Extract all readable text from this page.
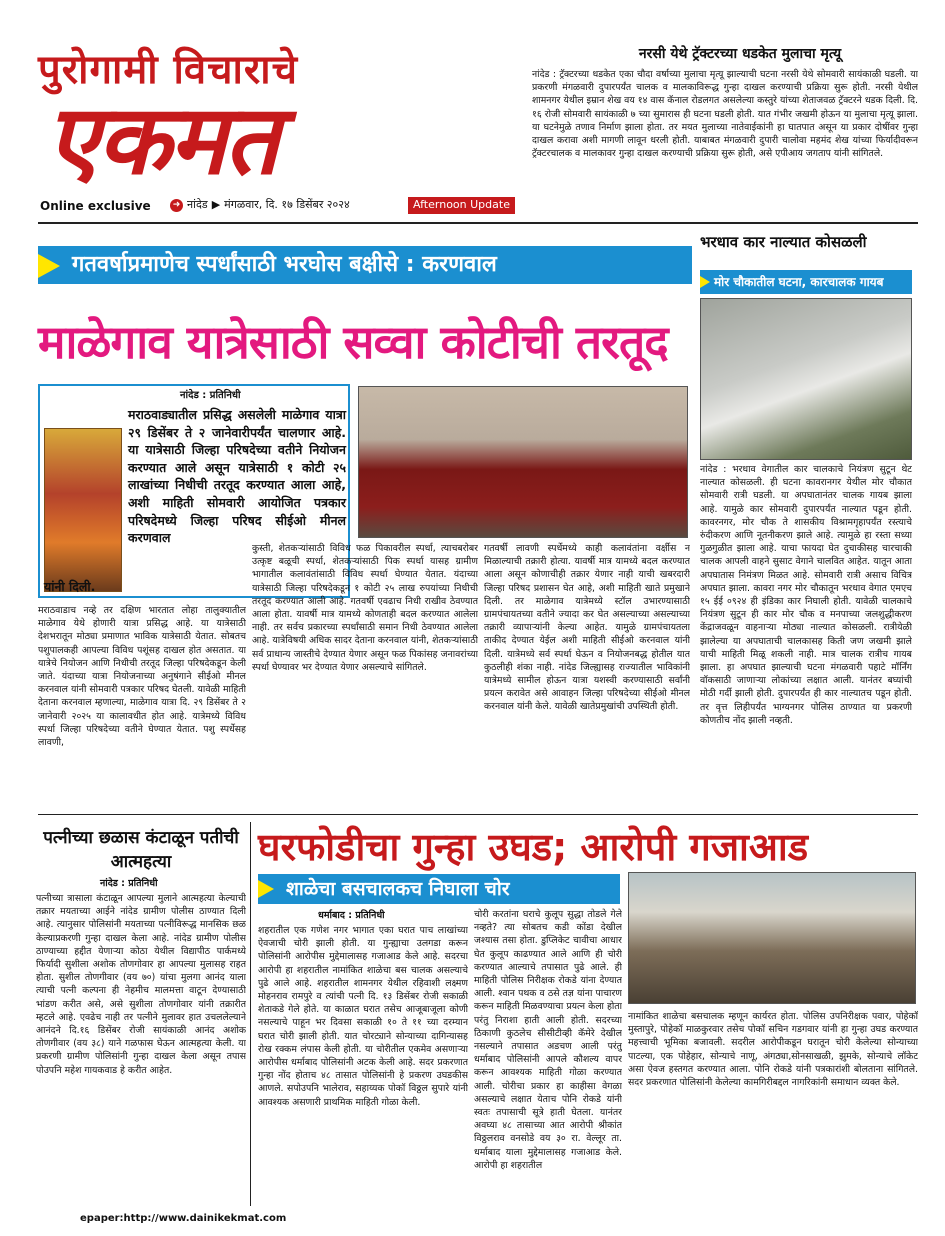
पुरोगामी विचाराचे
एकमत
Online exclusive	➜ नांदेड ▶ मंगळवार, दि. १७ डिसेंबर २०२४	Afternoon Update
नरसी येथे ट्रॅक्टरच्या धडकेत मुलाचा मृत्यू
नांदेड : ट्रॅक्टरच्या धडकेत एका चौदा वर्षाच्या मुलाचा मृत्यू झाल्याची घटना नरसी येथे सोमवारी सायंकाळी घडली. या प्रकरणी मंगळवारी दुपारपर्यंत चालक व मालकाविरूद्ध गुन्हा दाखल करण्याची प्रक्रिया सुरू होती. नरसी येथील शामनगर येथील इम्रान शेख वय १४ वास कॅनाल रोडलगत असलेल्या कस्तुरे यांच्या शेताजवळ ट्रॅक्टरने धडक दिली. दि. १६ रोजी सोमवारी सायंकाळी ७ च्या सुमारास ही घटना घडली होती. यात गंभीर जखमी होऊन या मुलाचा मृत्यू झाला. या घटनेमुळे तणाव निर्माण झाला होता. तर मयत मुलाच्या नातेवाईकांनी हा घातपात असून या प्रकार दोषींवर गुन्हा दाखल करावा अशी मागणी लावून धरली होती. याबाबत मंगळवारी दुपारी चालोवा महमंद शेख यांच्या फिर्यादीवरून ट्रॅक्टरचालक व मालकावर गुन्हा दाखल करण्याची प्रक्रिया सुरू होती, असे एपीआय जगताप यांनी सांगितले.
गतवर्षाप्रमाणेच स्पर्धांसाठी भरघोस बक्षीसे : करणवाल
माळेगाव यात्रेसाठी सव्वा कोटीची तरतूद
नांदेड : प्रतिनिधी
मराठवाड्यातील प्रसिद्ध असलेली माळेगाव यात्रा २९ डिसेंबर ते २ जानेवारीपर्यंत चालणार आहे. या यात्रेसाठी जिल्हा परिषदेच्या वतीने नियोजन करण्यात आले असून यात्रेसाठी १ कोटी २५ लाखांच्या निधीची तरतूद करण्यात आला आहे, अशी माहिती सोमवारी आयोजित पत्रकार परिषदेमध्ये जिल्हा परिषद सीईओ मीनल करणवाल
यांनी दिली.
मराठवाडाच नव्हे तर दक्षिण भारतात लोहा तालुक्यातील माळेगाव येथे होणारी यात्रा प्रसिद्ध आहे. या यात्रेसाठी देशभरातून मोठ्या प्रमाणात भाविक यात्रेसाठी येतात. सोबतच पशुपालकही आपल्या विविध पशूंसह दाखल होत असतात. या यात्रेचे नियोजन आणि निधीची तरतूद जिल्हा परिषदेकडून केली जाते. यंदाच्या यात्रा नियोजनाच्या अनुषंगाने सीईओ मीनल करनवाल यांनी सोमवारी पत्रकार परिषद घेतली. यावेळी माहिती देताना करनवाल म्हणाल्या, माळेगाव यात्रा दि. २९ डिसेंबर ते २ जानेवारी २०२५ या कालावधीत होत आहे. यात्रेमध्ये विविध स्पर्धा जिल्हा परिषदेच्या वतीने घेण्यात येतात. पशु स्पर्धेसह लावणी,
कुस्ती, शेतकऱ्यांसाठी विविध फळ पिकावरील स्पर्धा, त्याचबरोबर उत्कृष्ट बळूची स्पर्धा, शेतकऱ्यांसाठी पिक स्पर्धा यासह ग्रामीण भागातील कलावंतांसाठी विविध स्पर्धा घेण्यात येतात. यंदाच्या यात्रेसाठी जिल्हा परिषदेकडून १ कोटी २५ लाख रुपयांच्या निधीची तरतूद करण्यात आली आहे. गतवर्षी एवढाच निधी राखीव ठेवण्यात आला होता. यावर्षी मात्र यामध्ये कोणताही बदल करण्यात आलेला नाही. तर सर्वच प्रकारच्या स्पर्धांसाठी समान निधी ठेवण्यात आलेला आहे. यात्रेविषयी अधिक सादर देताना करनवाल यांनी, शेतकऱ्यांसाठी सर्व प्राधान्य जास्तीचे देण्यात येणार असून फळ पिकांसह जनावरांच्या स्पर्धा घेण्यावर भर देण्यात येणार असल्याचे सांगितले.
गतवर्षी लावणी स्पर्धेमध्ये काही कलावंतांना वर्क्षीस न मिळाल्याची तक्रारी होत्या. यावर्षी मात्र यामध्ये बदल करण्यात आला असून कोणाचीही तक्रार येणार नाही याची खबरदारी जिल्हा परिषद प्रशासन घेत आहे, अशी माहिती खाते प्रमुखाने दिली. तर माळेगाव यात्रेमध्ये स्टॉल उभारण्यासाठी ग्रामपंचायतच्या वतीने ज्यादा कर घेत असल्याच्या असल्याच्या तक्रारी व्यापाऱ्यांनी केल्या आहेत. यामुळे ग्रामपंचायतला ताकीद देण्यात येईल अशी माहिती सीईओ करनवाल यांनी दिली. यात्रेमध्ये सर्व स्पर्धा घेऊन व नियोजनबद्ध होतील यात कुठलीही शंका नाही. नांदेड जिल्ह्यासह राज्यातील भाविकांनी यात्रेमध्ये सामील होऊन यात्रा यशस्वी करण्यासाठी सर्वांनी प्रयत्न करावेत असे आवाहन जिल्हा परिषदेच्या सीईओ मीनल करनवाल यांनी केले. यावेळी खातेप्रमुखांची उपस्थिती होती.
भरधाव कार नाल्यात कोसळली
मोर चौकातील घटना, कारचालक गायब
नांदेड : भरधाव वेगातील कार चालकाचे नियंत्रण सुटून थेट नाल्यात कोसळली. ही घटना कावरानगर येथील मोर चौकात सोमवारी रात्री घडली. या अपघातानंतर चालक गायब झाला आहे. यामुळे कार सोमवारी दुपारपर्यंत नाल्यात पडून होती. कावरनगर, मोर चौक ते शासकीय विश्रामगृहापर्यंत रस्त्याचे रुंदीकरण आणि नूतनीकरण झाले आहे. त्यामुळे हा रस्ता सध्या गुळगुळीत झाला आहे. याचा फायदा घेत दुचाकीसह चारचाकी चालक आपली वाहने सुसाट वेगाने चालवित आहेत. यातून आता अपघातास निमंत्रण मिळत आहे. सोमवारी रात्री असाच विचित्र अपघात झाला. कावरा नगर मोर चौकातून भरधाव वेगात एमएच १५ ईई ०९२४ ही इंडिका कार निघाली होती. यावेळी चालकाचे नियंत्रण सुटून ही कार मोर चौक व मनपाच्या जलशुद्धीकरण केंद्राजवळून वाहनाऱ्या मोठ्या नाल्यात कोसळली. रात्रीयेळी झालेल्या या अपघाताची चालकासह किती जण जखमी झाले याची माहिती मिळू शकली नाही. मात्र चालक रात्रीच गायब झाला. हा अपघात झाल्याची घटना मंगळवारी पहाटे मॉर्निंग वॉकसाठी जाणाऱ्या लोकांच्या लक्षात आली. यानंतर बघ्यांची मोठी गर्दी झाली होती. दुपारपर्यंत ही कार नाल्यातच पडून होती. तर वृत्त लिहीपर्यंत भाग्यनगर पोलिस ठाण्यात या प्रकरणी कोणतीच नोंद झाली नव्हती.
पत्नीच्या छळास कंटाळून पतीची आत्महत्या
नांदेड : प्रतिनिधी
पत्नीच्या त्रासाला कंटाळून आपल्या मुलाने आत्महत्या केल्याची तक्रार मयताच्या आईने नांदेड ग्रामीण पोलीस ठाण्यात दिली आहे. त्यानुसार पोलिसांनी मयताच्या पत्नीविरूद्ध मानसिक छळ केल्याप्रकरणी गुन्हा दाखल केला आहे. नांदेड ग्रामीण पोलीस ठाण्याच्या हद्दीत येणाऱ्या कोठा येथील विद्यापीठ पार्कमध्ये फिर्यादी सुशीला अशोक तोणगोवार हा आपल्या मुलासह राहत होता. सुशील तोणगीवार (वय ७०) यांचा मुलगा आनंद याला त्याची पत्नी कल्पना ही नेहमीच मालमत्ता वाटून देण्यासाठी भांडण करीत असे, असे सुशीला तोणगोवार यांनी तक्रारीत म्हटले आहे. एवढेच नाही तर पत्नीने मुलावर हात उचललेल्याने आनंदने दि.१६ डिसेंबर रोजी सायंकाळी आनंद अशोक तोणगीवार (वय ३८) याने गळफास घेऊन आत्महत्या केली. या प्रकरणी ग्रामीण पोलिसांनी गुन्हा दाखल केला असून तपास पोउपनि महेश गायकवाड हे करीत आहेत.
घरफोडीचा गुन्हा उघड; आरोपी गजाआड
शाळेचा बसचालकच निघाला चोर
धर्माबाद : प्रतिनिधी
शहरातील एक गणेश नगर भागात एका घरात पाच लाखांच्या ऐवजाची चोरी झाली होती. या गुन्ह्याचा उलगडा करून पोलिसांनी आरोपीस मुद्देमालासह गजाआड केले आहे. सदरचा आरोपी हा शहरातील नामांकित शाळेचा बस चालक असल्याचे पुढे आले आहे. शहरातील शामनगर येथील रहिवाशी लक्ष्मण मोहनराव रामपुरे व त्यांची पत्नी दि. १३ डिसेंबर रोजी सकाळी शेताकडे गेले होते. या काळात घरात तसेच आजूबाजूला कोणी नसल्याचे पाहून भर दिवसा सकाळी १० ते ११ च्या दरम्यान घरात चोरी झाली होती. यात चोरट्याने सोन्याच्या दागिन्यासह रोख रक्कम लंपास केली होती. या चोरीतील एकमेव असणाऱ्या आरोपीस धर्माबाद पोलिसांनी अटक केली आहे. सदर प्रकरणात गुन्हा नोंद होताच ४८ तासात पोलिसांनी हे प्रकरण उघडकीस आणले. सपोउपनि भालेराव, सहाय्यक पोकॉ विठ्ठल सुपारे यांनी आवश्यक असणारी प्राथमिक माहिती गोळा केली.
चोरी करतांना घराचे कुलूप सुद्धा तोडले गेले नव्हते? त्या सोबतच कडी कोंडा देखील जश्यास तसा होता. डुप्लिकेट चावीचा आधार घेत कुलूप काढण्यात आले आणि ही चोरी करण्यात आल्याचे तपासात पुढे आले. ही माहिती पोलिस निरीक्षक रोकडे यांना देण्यात आली. श्वान पथक व ठसे तज्ञ यांना पाचारण करून माहिती मिळवण्याचा प्रयत्न केला होता परंतु निराशा हाती आली होती. सदरच्या ठिकाणी कुठलेच सीसीटीव्ही कॅमेरे देखील नसल्याने तपासात अडचण आली परंतु धर्माबाद पोलिसांनी आपले कौशल्य वापर करून आवश्यक माहिती गोळा करण्यात आली. चोरीचा प्रकार हा काहीसा वेगळा असल्याचे लक्षात येताच पोनि रोकडे यांनी स्वतः तपासाची सूत्रे हाती घेतला. यानंतर अवघ्या ४८ तासाच्या आत आरोपी श्रीकांत विठ्ठलराव वनसोडे वय ३० रा. वेल्लूर ता. धर्माबाद याला मुद्देमालासह गजाआड केले. आरोपी हा शहरातील
नामांकित शाळेचा बसचालक म्हणून कार्यरत होता. पोलिस उपनिरीक्षक पवार, पोहेकॉ मुस्तापुरे, पोहेकॉ माळकुरवार तसेच पोकॉ सचिन गडगवार यांनी हा गुन्हा उघड करण्यात महत्त्वाची भूमिका बजावली. सदरील आरोपीकडून घरातून चोरी केलेल्या सोन्याच्या पाटल्या, एक पोहेहार, सोन्याचे नाणू, अंगठ्या,सोनसाखळी, झुमके, सोन्याचे लॉकेट असा ऐवज हस्तगत करण्यात आला. पोनि रोकडे यांनी पत्रकारांशी बोलताना सांगितले. सदर प्रकरणात पोलिसांनी केलेल्या कामगिरीबद्दल नागरिकांनी समाधान व्यक्त केले.
epaper:http://www.dainikekmat.com
